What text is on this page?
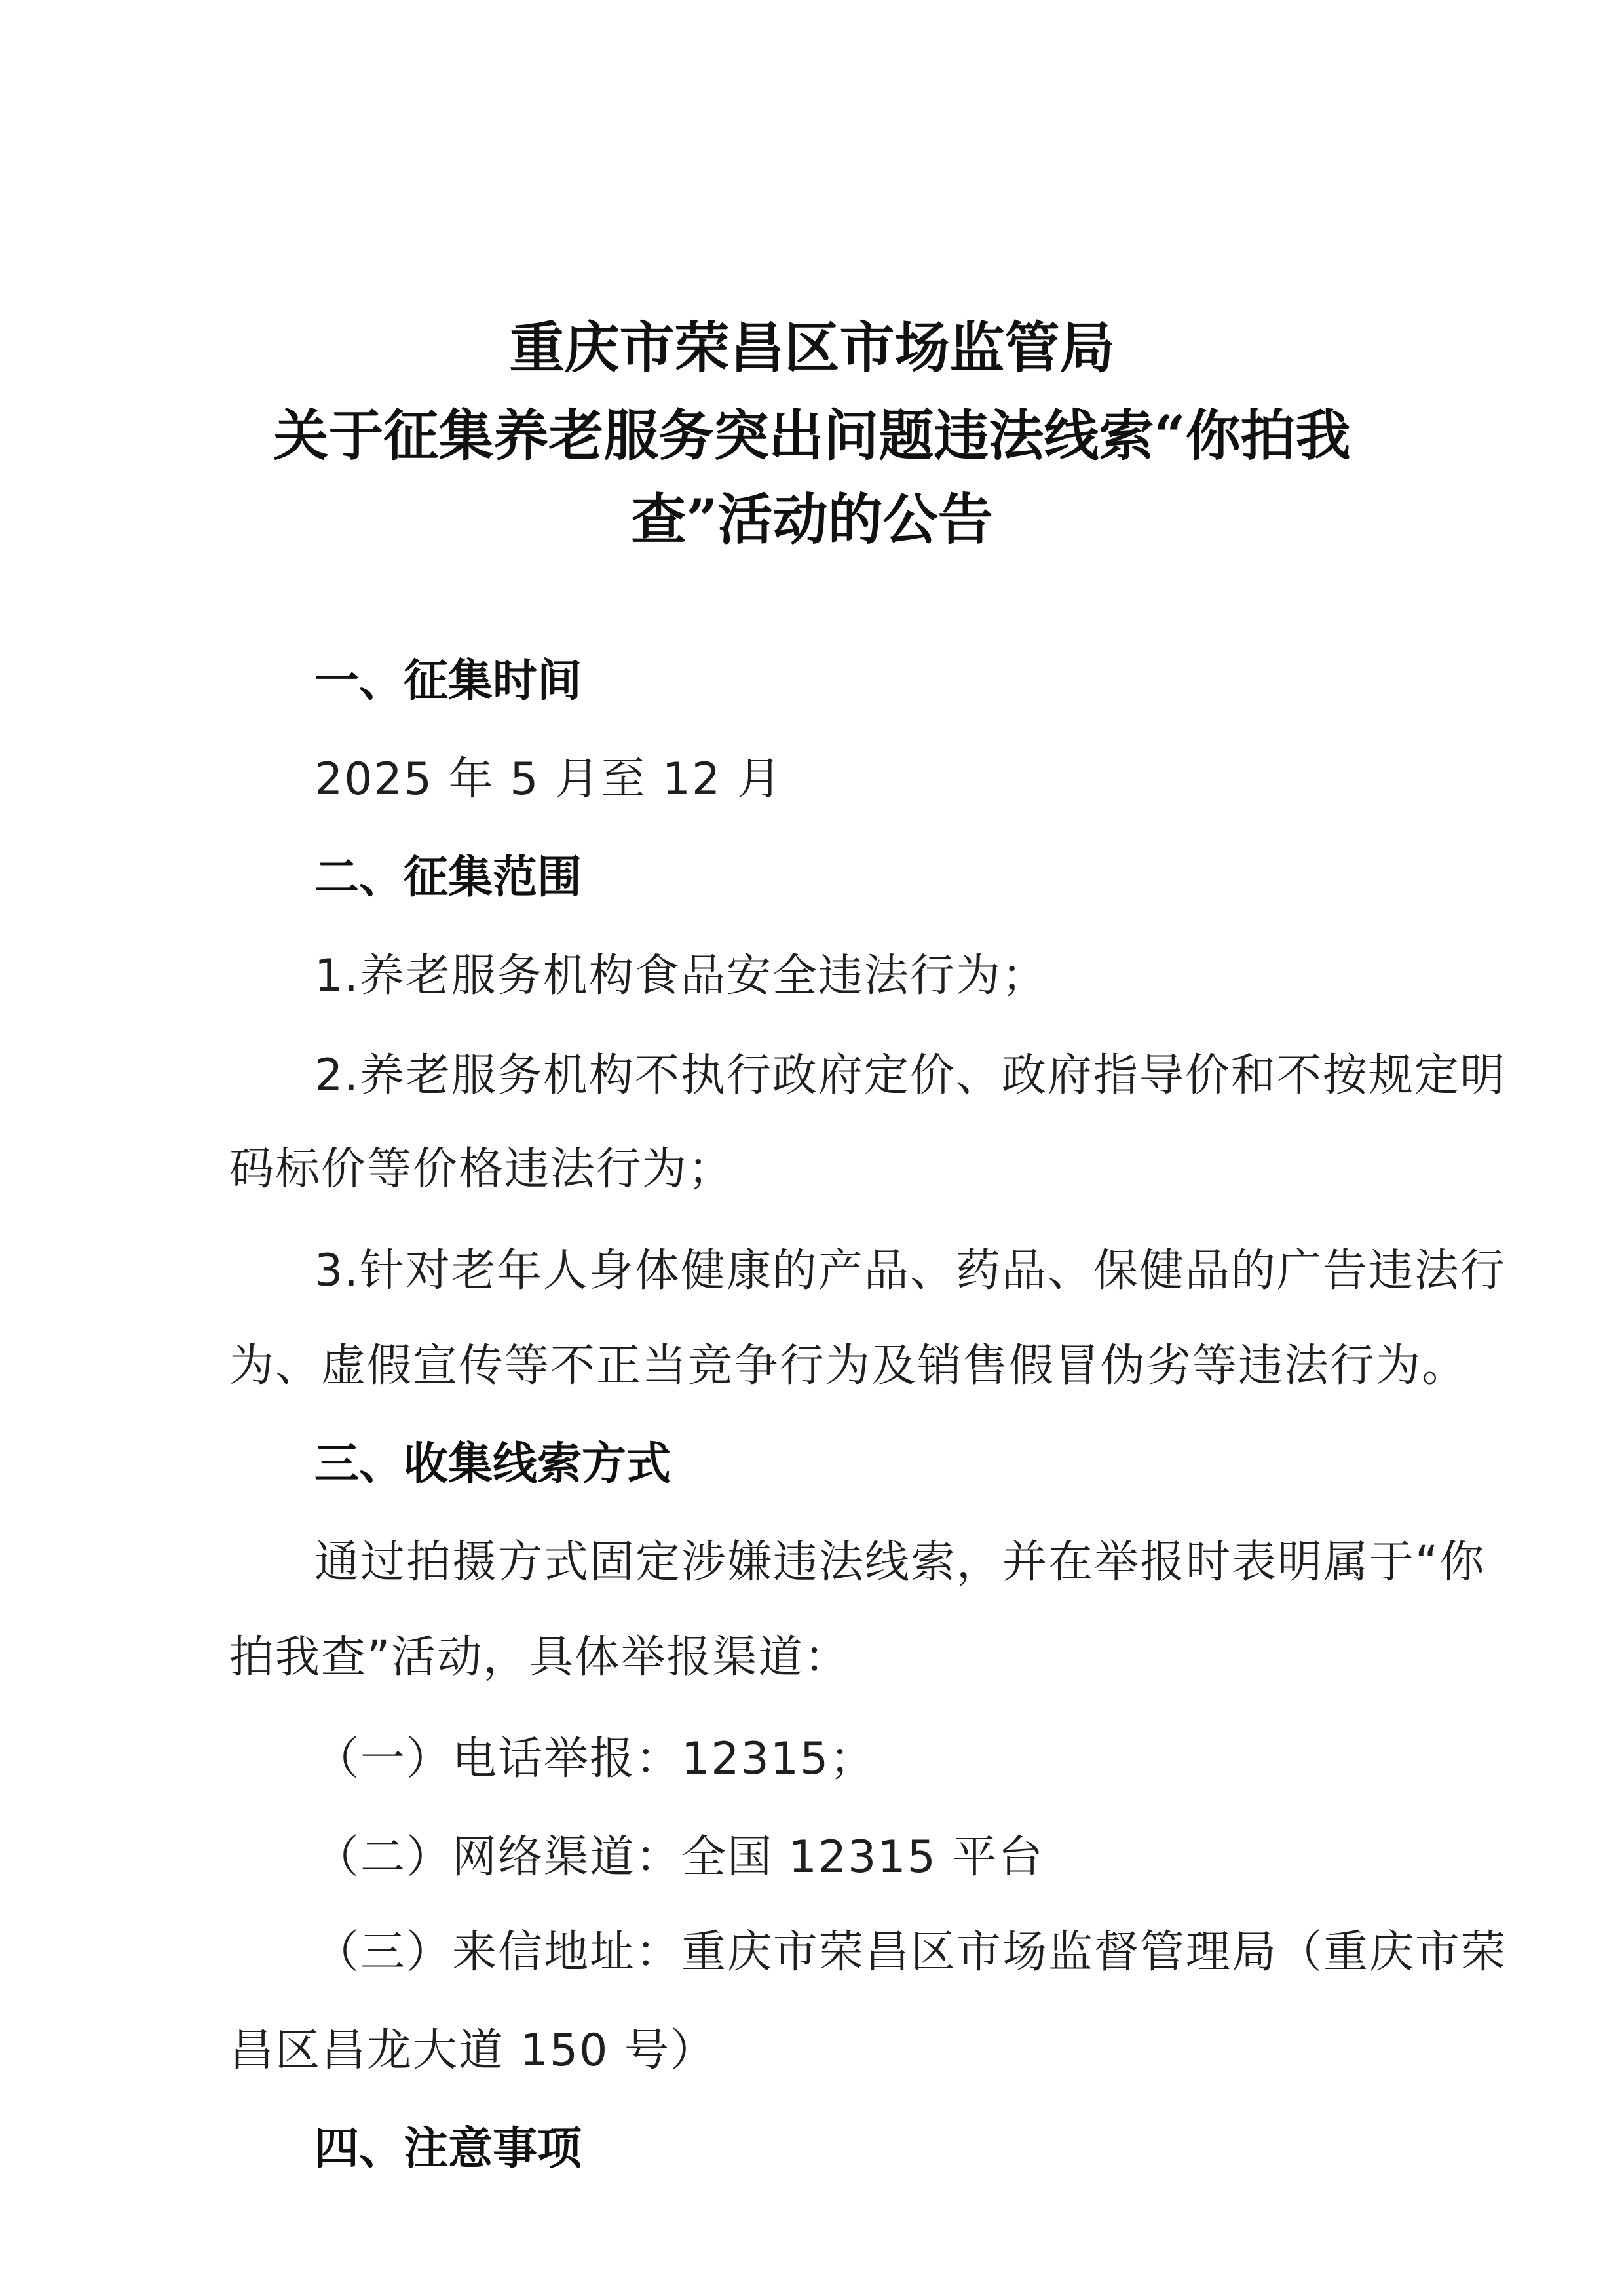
重庆市荣昌区市场监管局
关于征集养老服务突出问题违法线索“你拍我
查”活动的公告
一、征集时间
2025 年 5 月至 12 月
二、征集范围
1.养老服务机构食品安全违法行为；
2.养老服务机构不执行政府定价、政府指导价和不按规定明
码标价等价格违法行为；
3.针对老年人身体健康的产品、药品、保健品的广告违法行
为、虚假宣传等不正当竞争行为及销售假冒伪劣等违法行为。
三、收集线索方式
通过拍摄方式固定涉嫌违法线索，并在举报时表明属于“你
拍我查”活动，具体举报渠道：
（一）电话举报：12315；
（二）网络渠道：全国 12315 平台
（三）来信地址：重庆市荣昌区市场监督管理局（重庆市荣
昌区昌龙大道 150 号）
四、注意事项
